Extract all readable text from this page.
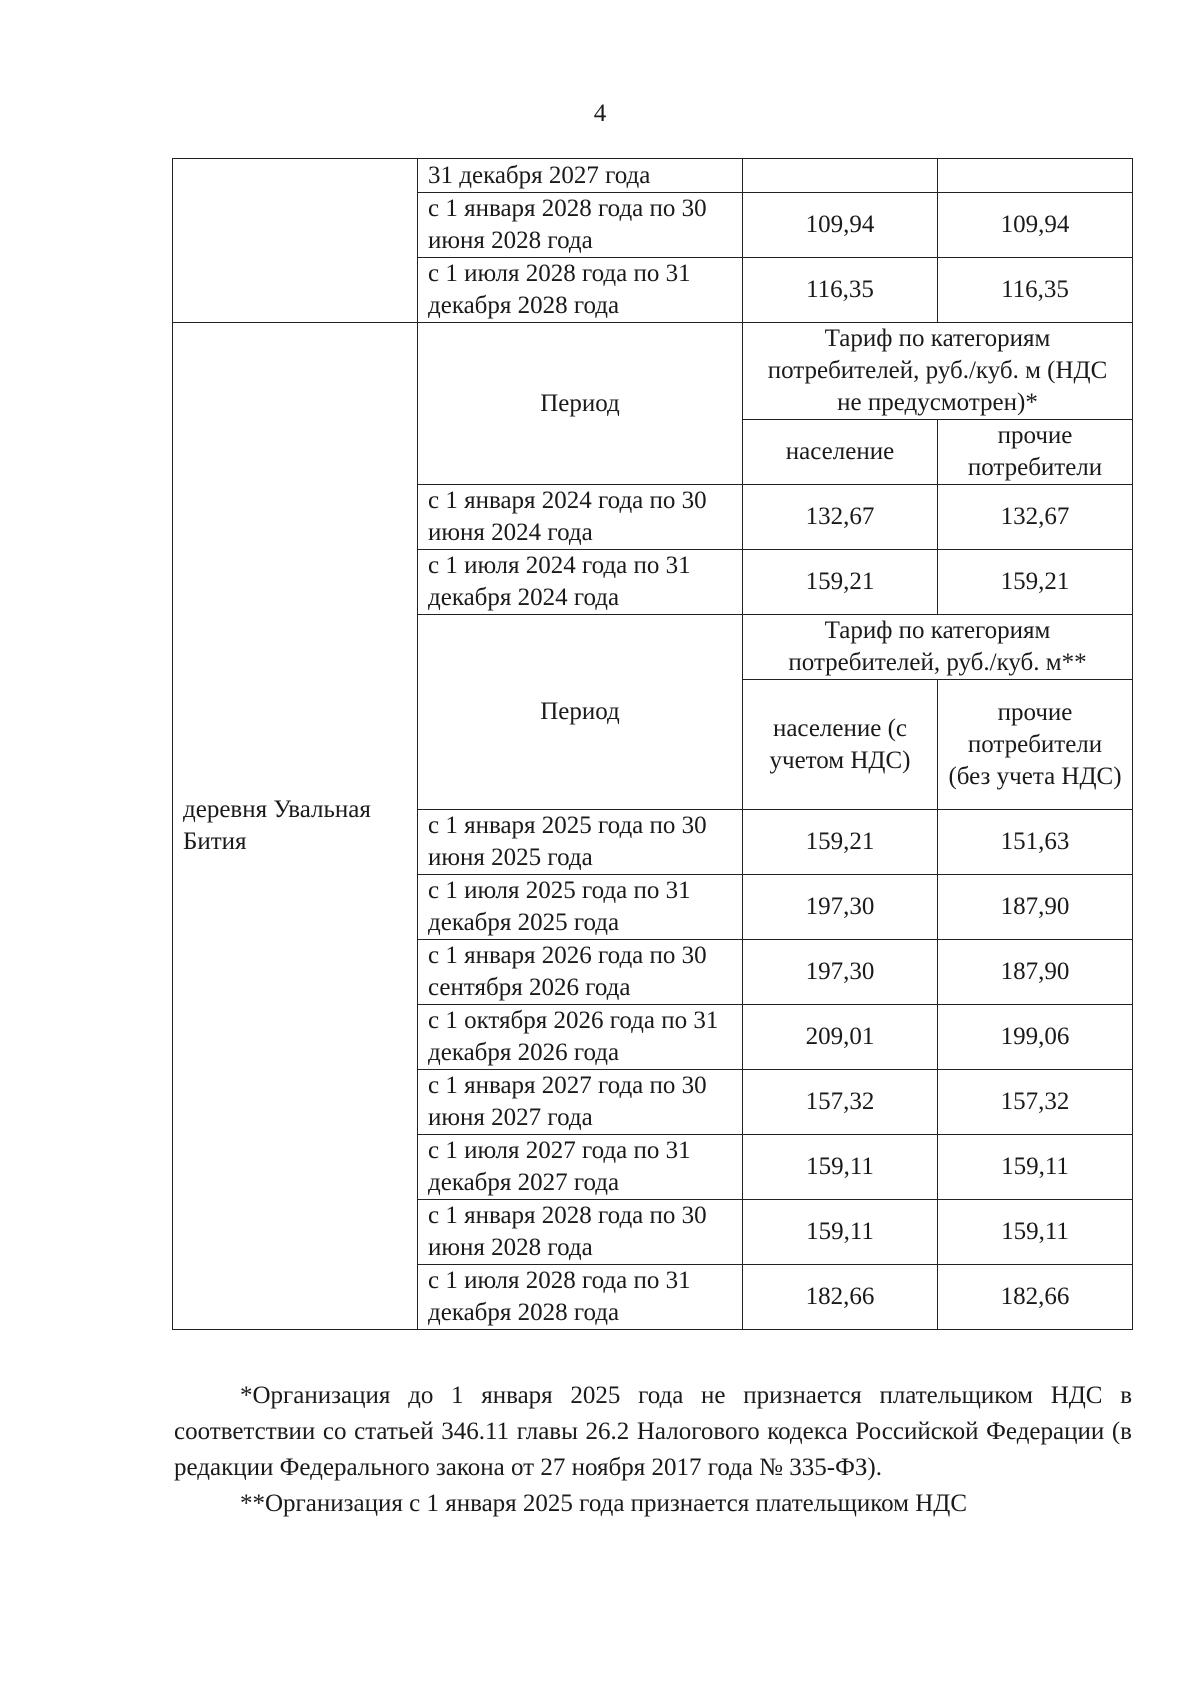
4
	31 декабря 2027 года		
	с 1 января 2028 года по 30 июня 2028 года	109,94	109,94
	с 1 июля 2028 года по 31 декабря 2028 года	116,35	116,35
деревня Увальная Бития	Период	Тариф по категориям потребителей, руб./куб. м (НДС не предусмотрен)*	
		население	прочие потребители
	с 1 января 2024 года по 30 июня 2024 года	132,67	132,67
	с 1 июля 2024 года по 31 декабря 2024 года	159,21	159,21
	Период	Тариф по категориям потребителей, руб./куб. м**	
		население (с учетом НДС)	прочие потребители (без учета НДС)
	с 1 января 2025 года по 30 июня 2025 года	159,21	151,63
	с 1 июля 2025 года по 31 декабря 2025 года	197,30	187,90
	с 1 января 2026 года по 30 сентября 2026 года	197,30	187,90
	с 1 октября 2026 года по 31 декабря 2026 года	209,01	199,06
	с 1 января 2027 года по 30 июня 2027 года	157,32	157,32
	с 1 июля 2027 года по 31 декабря 2027 года	159,11	159,11
	с 1 января 2028 года по 30 июня 2028 года	159,11	159,11
	с 1 июля 2028 года по 31 декабря 2028 года	182,66	182,66

*Организация до 1 января 2025 года не признается плательщиком НДС в соответствии со статьей 346.11 главы 26.2 Налогового кодекса Российской Федерации (в редакции Федерального закона от 27 ноября 2017 года № 335-ФЗ).

**Организация с 1 января 2025 года признается плательщиком НДС
